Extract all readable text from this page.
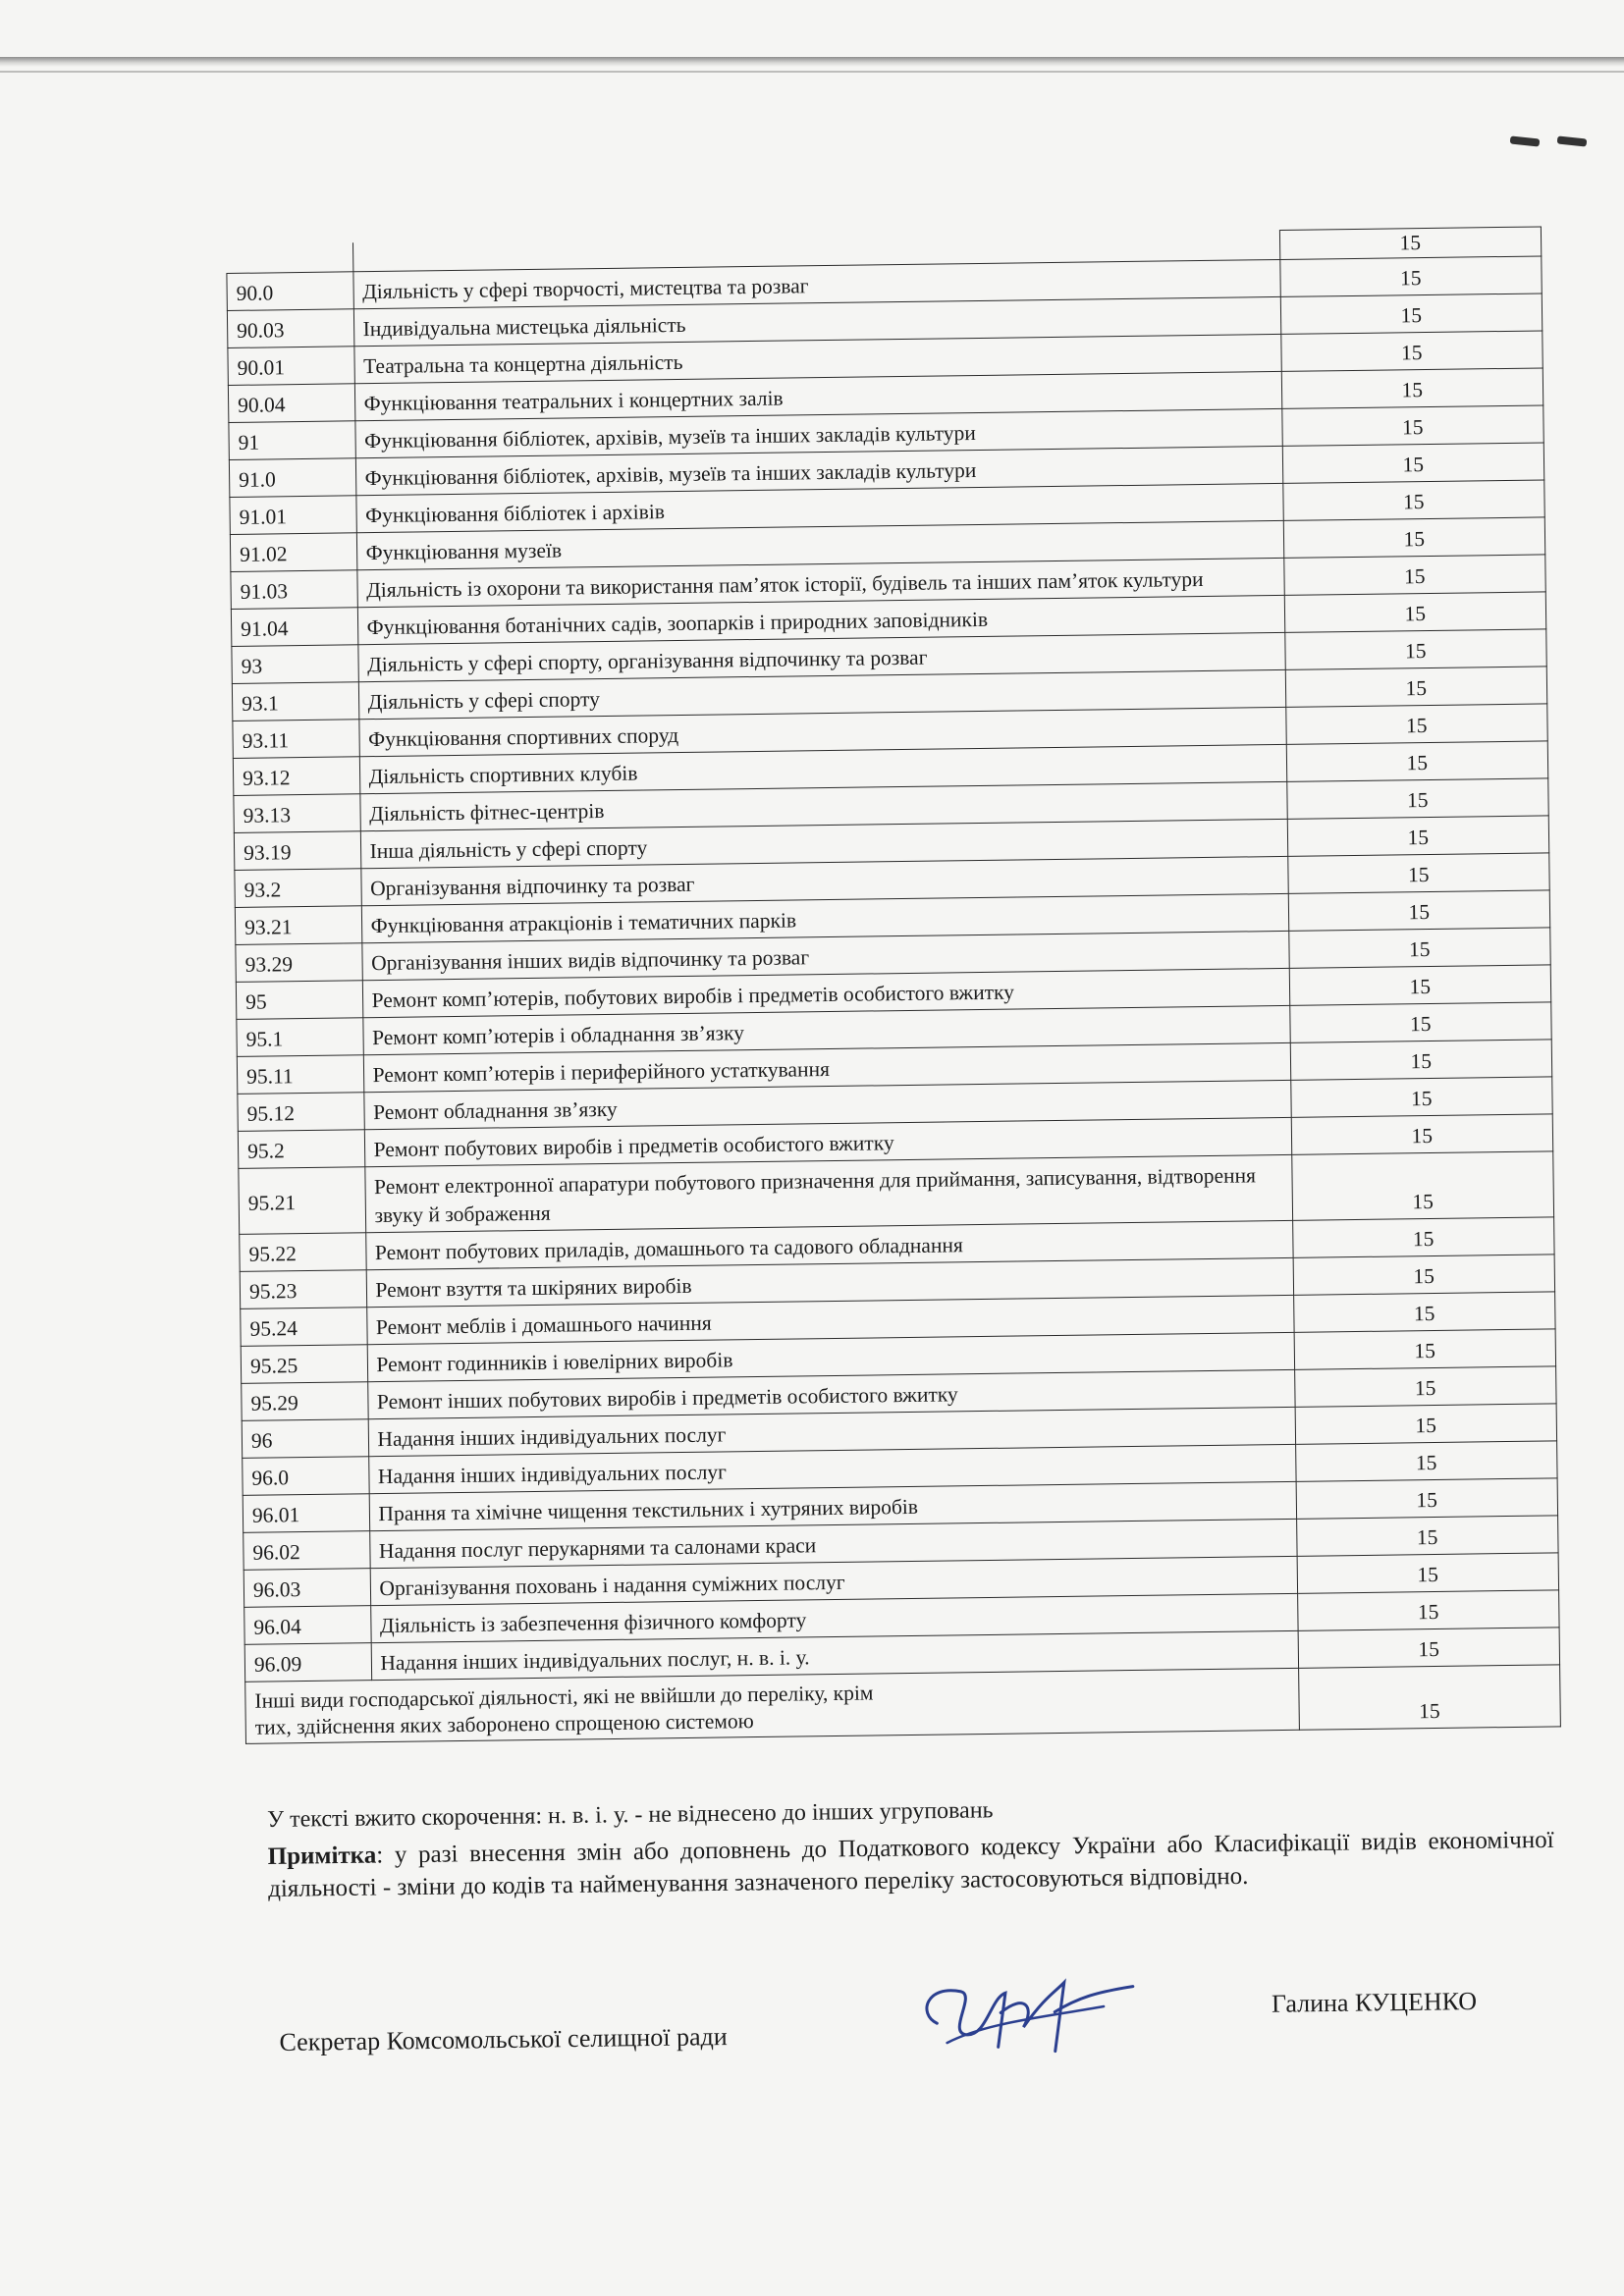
		15
90.0	Діяльність у сфері творчості, мистецтва та розваг	15
90.03	Індивідуальна мистецька діяльність	15
90.01	Театральна та концертна діяльність	15
90.04	Функціювання театральних і концертних залів	15
91	Функціювання бібліотек, архівів, музеїв та інших закладів культури	15
91.0	Функціювання бібліотек, архівів, музеїв та інших закладів культури	15
91.01	Функціювання бібліотек і архівів	15
91.02	Функціювання музеїв	15
91.03	Діяльність із охорони та використання пам’яток історії, будівель та інших пам’яток культури	15
91.04	Функціювання ботанічних садів, зоопарків і природних заповідників	15
93	Діяльність у сфері спорту, організування відпочинку та розваг	15
93.1	Діяльність у сфері спорту	15
93.11	Функціювання спортивних споруд	15
93.12	Діяльність спортивних клубів	15
93.13	Діяльність фітнес-центрів	15
93.19	Інша діяльність у сфері спорту	15
93.2	Організування відпочинку та розваг	15
93.21	Функціювання атракціонів і тематичних парків	15
93.29	Організування інших видів відпочинку та розваг	15
95	Ремонт комп’ютерів, побутових виробів і предметів особистого вжитку	15
95.1	Ремонт комп’ютерів і обладнання зв’язку	15
95.11	Ремонт комп’ютерів і периферійного устаткування	15
95.12	Ремонт обладнання зв’язку	15
95.2	Ремонт побутових виробів і предметів особистого вжитку	15
95.21	Ремонт електронної апаратури побутового призначення для приймання, записування, відтворення звуку й зображення	15
95.22	Ремонт побутових приладів, домашнього та садового обладнання	15
95.23	Ремонт взуття та шкіряних виробів	15
95.24	Ремонт меблів і домашнього начиння	15
95.25	Ремонт годинників і ювелірних виробів	15
95.29	Ремонт інших побутових виробів і предметів особистого вжитку	15
96	Надання інших індивідуальних послуг	15
96.0	Надання інших індивідуальних послуг	15
96.01	Прання та хімічне чищення текстильних і хутряних виробів	15
96.02	Надання послуг перукарнями та салонами краси	15
96.03	Організування поховань і надання суміжних послуг	15
96.04	Діяльність із забезпечення фізичного комфорту	15
96.09	Надання інших індивідуальних послуг, н. в. і. у.	15
Інші види господарської діяльності, які не ввійшли до переліку, крім тих, здійснення яких заборонено спрощеною системою		15
У тексті вжито скорочення: н. в. і. у. - не віднесено до інших угруповань
Примітка: у разі внесення змін або доповнень до Податкового кодексу України або Класифікації видів економічної діяльності - зміни до кодів та найменування зазначеного переліку застосовуються відповідно.
Секретар Комсомольської селищної ради
Галина КУЦЕНКО
